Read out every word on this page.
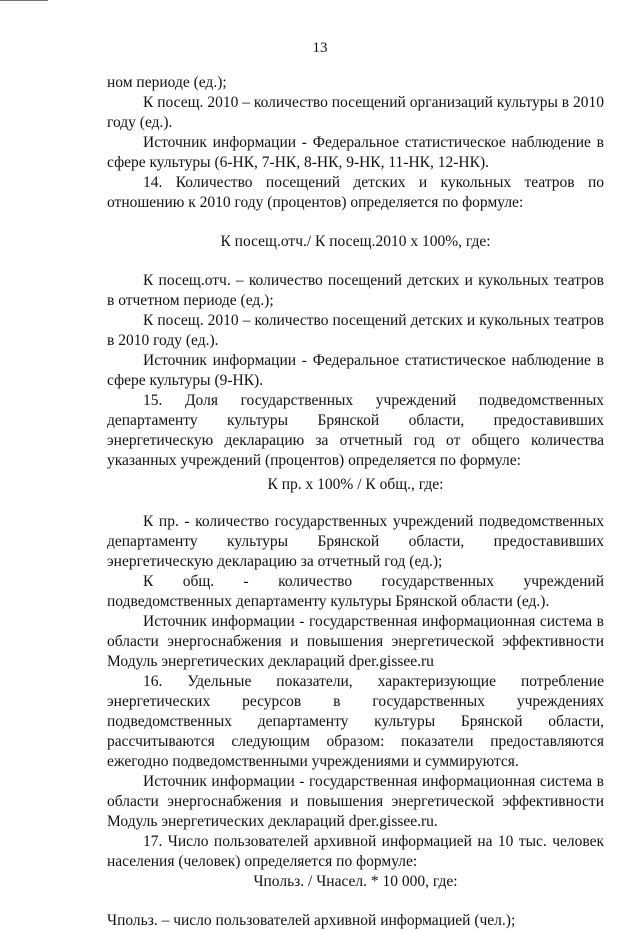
13

ном периоде (ед.);

К посещ. 2010 – количество посещений организаций культуры в 2010 году (ед.).

Источник информации - Федеральное статистическое наблюдение в сфере культуры (6-НК, 7-НК, 8-НК, 9-НК, 11-НК, 12-НК).

14. Количество посещений детских и кукольных театров по отношению к 2010 году (процентов) определяется по формуле:

К посещ.отч./ К посещ.2010 х 100%, где:

К посещ.отч. – количество посещений детских и кукольных театров в отчетном периоде (ед.);

К посещ. 2010 – количество посещений детских и кукольных театров в 2010 году (ед.).

Источник информации - Федеральное статистическое наблюдение в сфере культуры (9-НК).

15. Доля государственных учреждений подведомственных департаменту культуры Брянской области, предоставивших энергетическую декларацию за отчетный год от общего количества указанных учреждений (процентов) определяется по формуле:

К пр. х 100% / К общ., где:

К пр. - количество государственных учреждений подведомственных департаменту культуры Брянской области, предоставивших энергетическую декларацию за отчетный год (ед.);

К общ. - количество государственных учреждений подведомственных департаменту культуры Брянской области (ед.).

Источник информации - государственная информационная система в области энергоснабжения и повышения энергетической эффективности Модуль энергетических деклараций dper.gissee.ru

16. Удельные показатели, характеризующие потребление энергетических ресурсов в государственных учреждениях подведомственных департаменту культуры Брянской области, рассчитываются следующим образом: показатели предоставляются ежегодно подведомственными учреждениями и суммируются.

Источник информации - государственная информационная система в области энергоснабжения и повышения энергетической эффективности Модуль энергетических деклараций dper.gissee.ru.

17. Число пользователей архивной информацией на 10 тыс. человек населения (человек) определяется по формуле:

Чпольз. / Чнасел. * 10 000, где:

Чпольз. – число пользователей архивной информацией (чел.);
